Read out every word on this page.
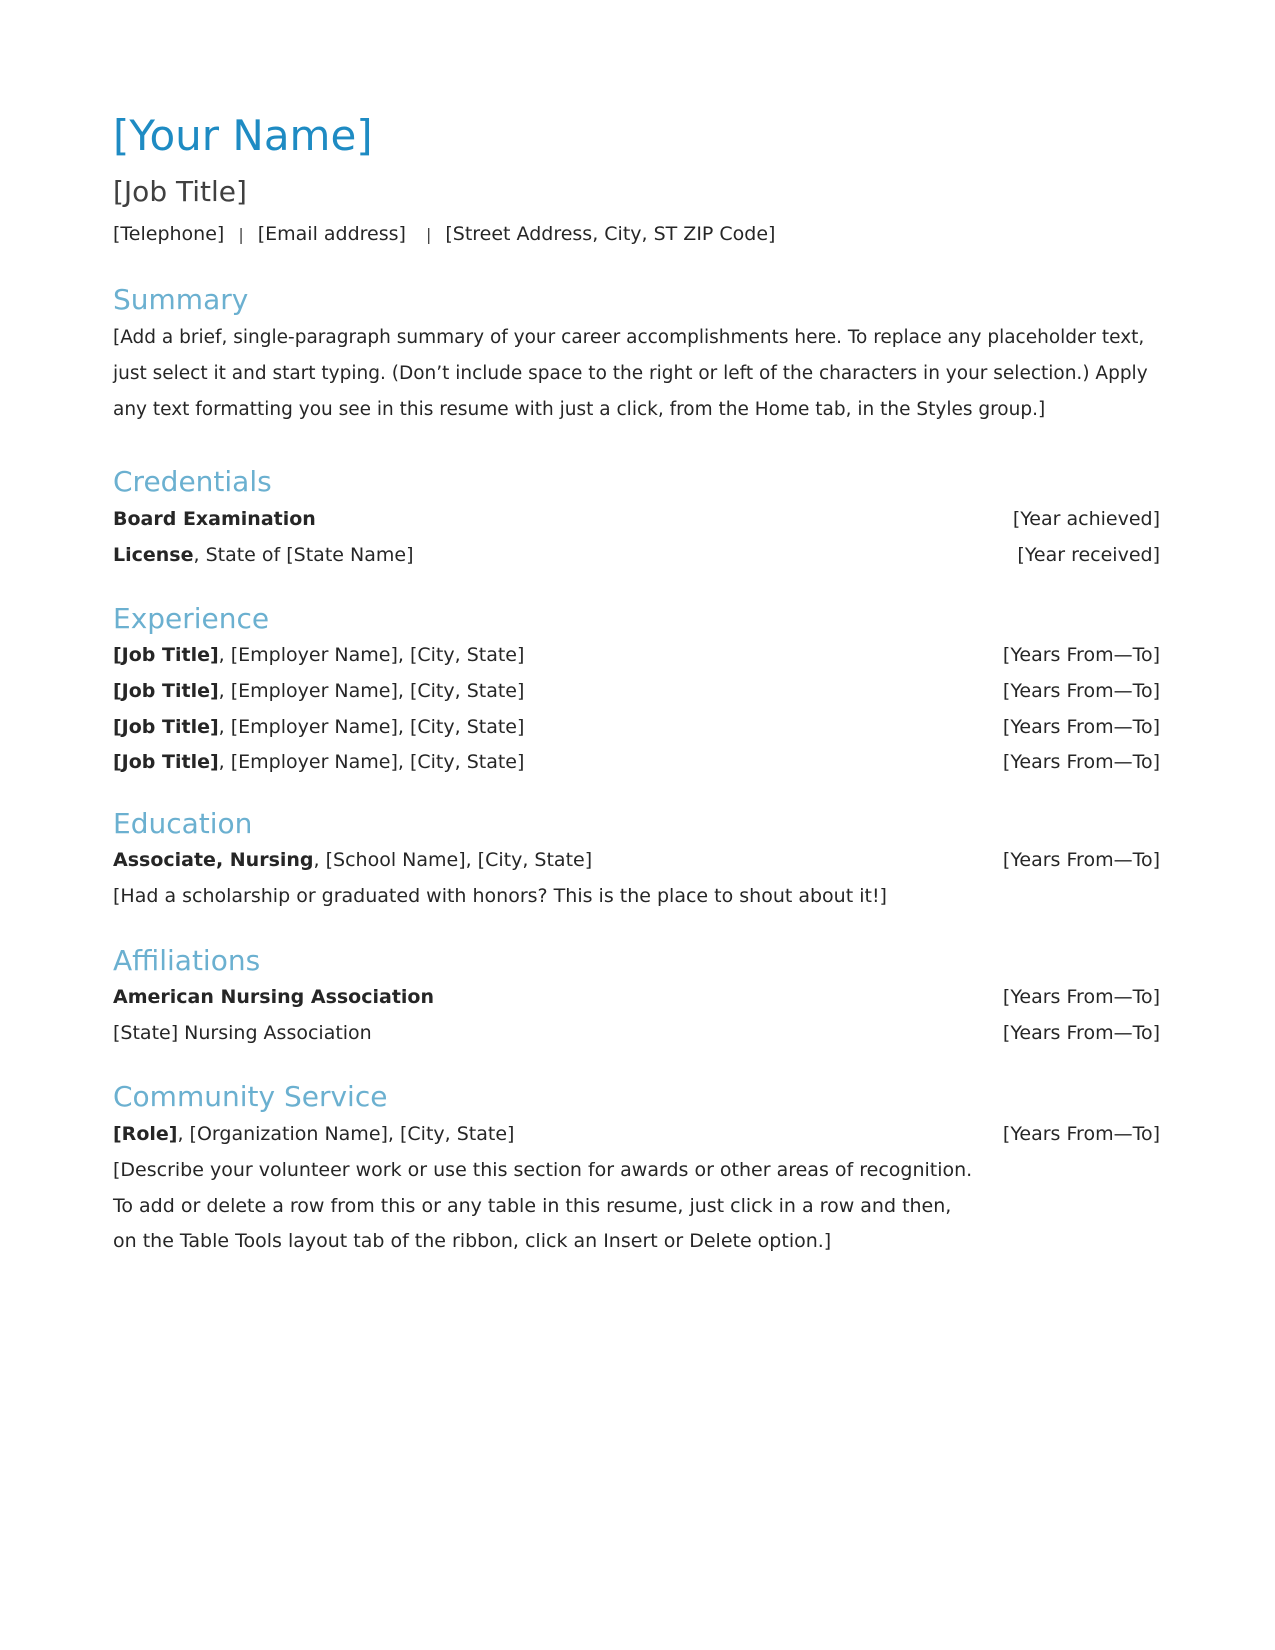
[Your Name]
[Job Title]
[Telephone] | [Email address] | [Street Address, City, ST ZIP Code]
Summary

[Add a brief, single-paragraph summary of your career accomplishments here. To replace any placeholder text, just select it and start typing. (Don’t include space to the right or left of the characters in your selection.) Apply any text formatting you see in this resume with just a click, from the Home tab, in the Styles group.]

Credentials
Board Examination	[Year achieved]
License, State of [State Name]	[Year received]
Experience
[Job Title], [Employer Name], [City, State]	[Years From—To]
[Job Title], [Employer Name], [City, State]	[Years From—To]
[Job Title], [Employer Name], [City, State]	[Years From—To]
[Job Title], [Employer Name], [City, State]	[Years From—To]
Education
Associate, Nursing, [School Name], [City, State]	[Years From—To]
[Had a scholarship or graduated with honors? This is the place to shout about it!]
Affiliations
American Nursing Association	[Years From—To]
[State] Nursing Association	[Years From—To]
Community Service
[Role], [Organization Name], [City, State]	[Years From—To]
[Describe your volunteer work or use this section for awards or other areas of recognition.
To add or delete a row from this or any table in this resume, just click in a row and then,
on the Table Tools layout tab of the ribbon, click an Insert or Delete option.]
